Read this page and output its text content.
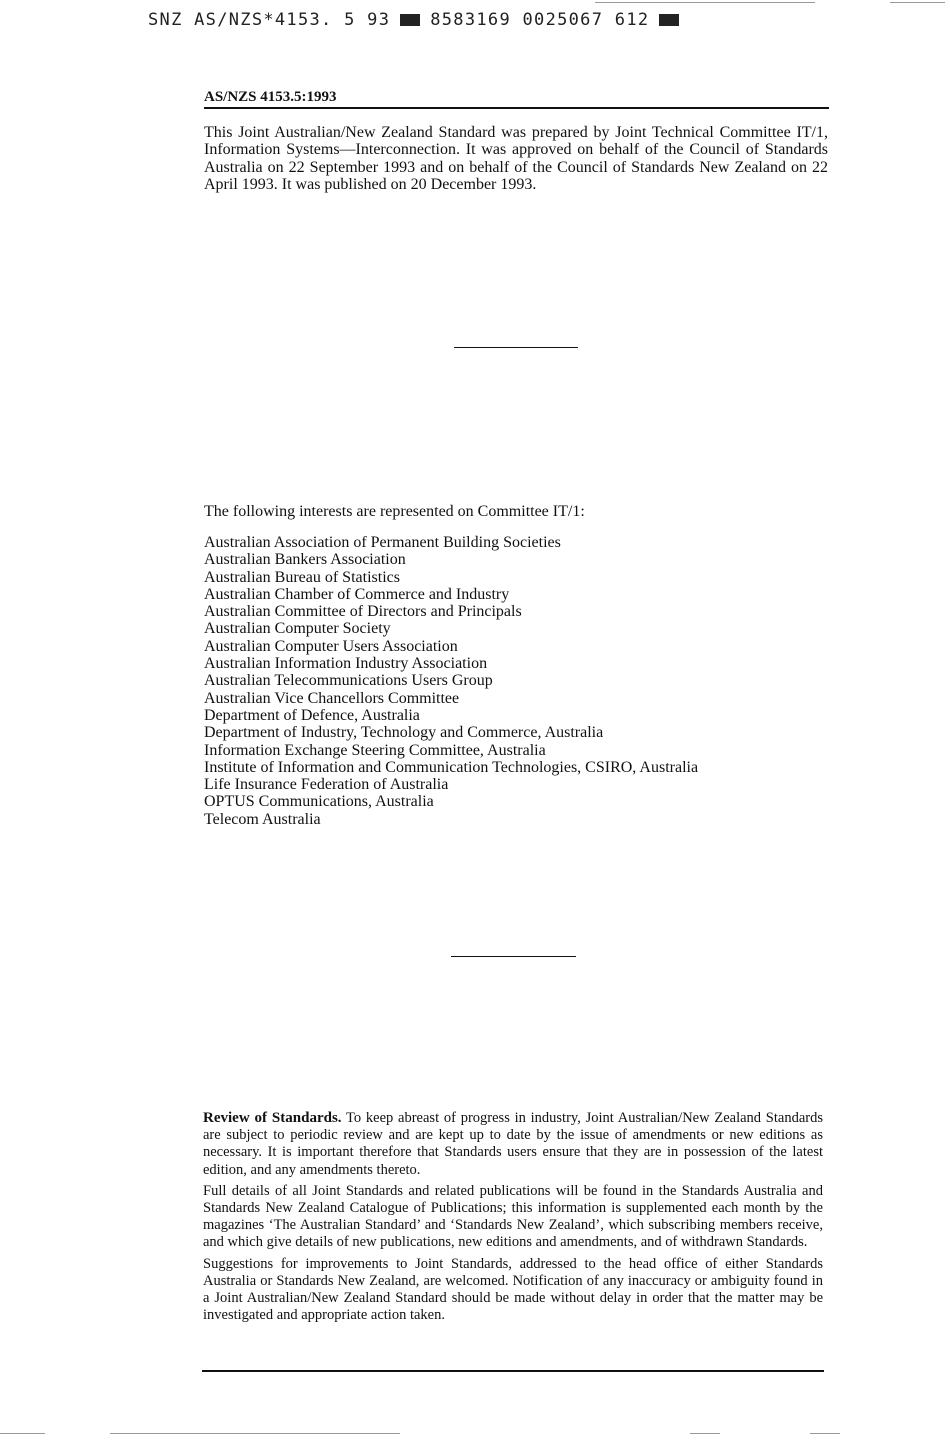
SNZ AS/NZS*4153. 5 93 8583169 0025067 612
AS/NZS 4153.5:1993

This Joint Australian/New Zealand Standard was prepared by Joint Technical Committee IT/1, Information Systems—Interconnection. It was approved on behalf of the Council of Standards Australia on 22 September 1993 and on behalf of the Council of Standards New Zealand on 22 April 1993. It was published on 20 December 1993.

The following interests are represented on Committee IT/1:

Australian Association of Permanent Building Societies
Australian Bankers Association
Australian Bureau of Statistics
Australian Chamber of Commerce and Industry
Australian Committee of Directors and Principals
Australian Computer Society
Australian Computer Users Association
Australian Information Industry Association
Australian Telecommunications Users Group
Australian Vice Chancellors Committee
Department of Defence, Australia
Department of Industry, Technology and Commerce, Australia
Information Exchange Steering Committee, Australia
Institute of Information and Communication Technologies, CSIRO, Australia
Life Insurance Federation of Australia
OPTUS Communications, Australia
Telecom Australia

Review of Standards. To keep abreast of progress in industry, Joint Australian/New Zealand Standards are subject to periodic review and are kept up to date by the issue of amendments or new editions as necessary. It is important therefore that Standards users ensure that they are in possession of the latest edition, and any amendments thereto.

Full details of all Joint Standards and related publications will be found in the Standards Australia and Standards New Zealand Catalogue of Publications; this information is supplemented each month by the magazines ‘The Australian Standard’ and ‘Standards New Zealand’, which subscribing members receive, and which give details of new publications, new editions and amendments, and of withdrawn Standards.

Suggestions for improvements to Joint Standards, addressed to the head office of either Standards Australia or Standards New Zealand, are welcomed. Notification of any inaccuracy or ambiguity found in a Joint Australian/New Zealand Standard should be made without delay in order that the matter may be investigated and appropriate action taken.
